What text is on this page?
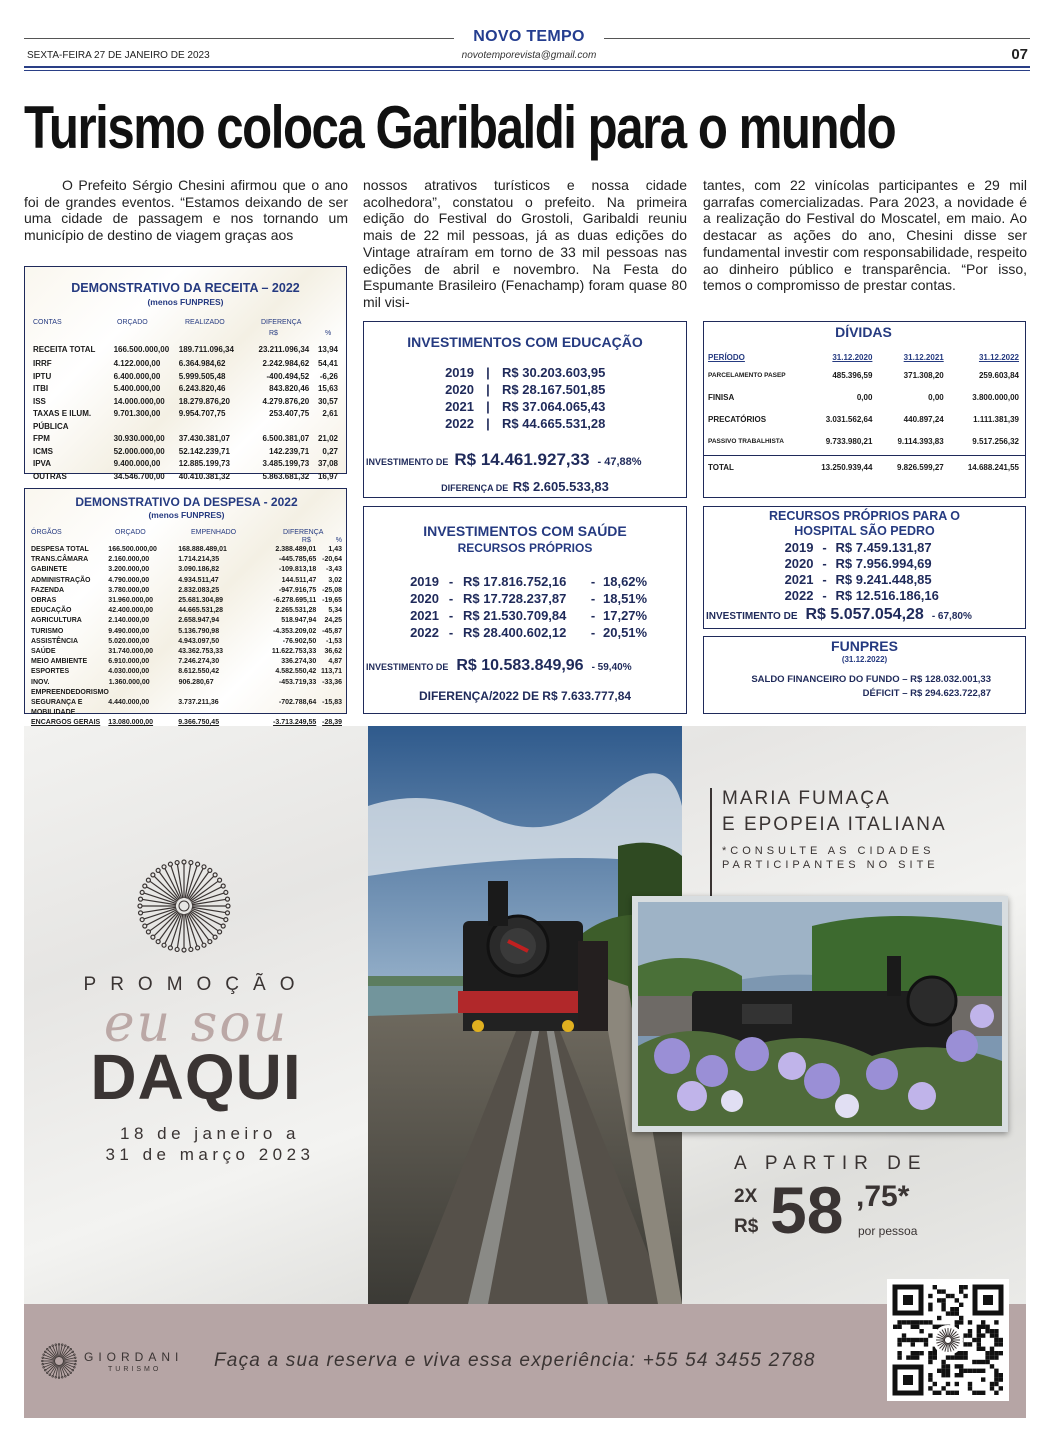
NOVO TEMPO
SEXTA-FEIRA 27 DE JANEIRO DE 2023	novotemporevista@gmail.com	07
Turismo coloca Garibaldi para o mundo
O Prefeito Sérgio Chesini afirmou que o ano foi de grandes eventos. “Estamos deixando de ser uma cidade de passagem e nos tornando um município de destino de viagem graças aos
nossos atrativos turísticos e nossa cidade acolhedora”, constatou o prefeito. Na primeira edição do Festival do Grostoli, Garibaldi reuniu mais de 22 mil pessoas, já as duas edições do Vintage atraíram em torno de 33 mil pessoas nas edições de abril e novembro. Na Festa do Espumante Brasileiro (Fenachamp) foram quase 80 mil visi-
tantes, com 22 vinícolas participantes e 29 mil garrafas comercializadas. Para 2023, a novidade é a realização do Festival do Moscatel, em maio. Ao destacar as ações do ano, Chesini disse ser fundamental investir com responsabilidade, respeito ao dinheiro público e transparência. “Por isso, temos o compromisso de prestar contas.
DEMONSTRATIVO DA RECEITA – 2022
(menos FUNPRES)
CONTAS	ORÇADO	REALIZADO	DIFERENÇA
R$	%
RECEITA TOTAL	166.500.000,00	189.711.096,34	23.211.096,34	13,94
IRRF	4.122.000,00	6.364.984,62	2.242.984,62	54,41
IPTU	6.400.000,00	5.999.505,48	-400.494,52	-6,26
ITBI	5.400.000,00	6.243.820,46	843.820,46	15,63
ISS	14.000.000,00	18.279.876,20	4.279.876,20	30,57
TAXAS E ILUM. PÚBLICA
9.701.300,00	9.954.707,75	253.407,75	2,61
FPM	30.930.000,00	37.430.381,07	6.500.381,07	21,02
ICMS	52.000.000,00	52.142.239,71	142.239,71	0,27
IPVA	9.400.000,00	12.885.199,73	3.485.199,73	37,08
OUTRAS	34.546.700,00	40.410.381,32	5.863.681,32	16,97
DEMONSTRATIVO DA DESPESA - 2022
(menos FUNPRES)
ÓRGÃOS	ORÇADO	EMPENHADO	DIFERENÇA
R$	%
DESPESA TOTAL	166.500.000,00	168.888.489,01	2.388.489,01	1,43
TRANS.CÂMARA	2.160.000,00	1.714.214,35	-445.785,65 -20,64
GABINETE	3.200.000,00	3.090.186,82	-109.813,18	-3,43
ADMINISTRAÇÃO	4.790.000,00	4.934.511,47	144.511,47	3,02
FAZENDA	3.780.000,00	2.832.083,25	-947.916,75 -25,08
OBRAS	31.960.000,00	25.681.304,89	-6.278.695,11 -19,65
EDUCAÇÃO	42.400.000,00	44.665.531,28	2.265.531,28	5,34
AGRICULTURA	2.140.000,00	2.658.947,94	518.947,94	24,25
TURISMO	9.490.000,00	5.136.790,98	-4.353.209,02 -45,87
ASSISTÊNCIA	5.020.000,00	4.943.097,50	-76.902,50	-1,53
SAÚDE	31.740.000,00	43.362.753,33	11.622.753,33	36,62
MEIO AMBIENTE	6.910.000,00	7.246.274,30	336.274,30	4,87
ESPORTES	4.030.000,00	8.612.550,42	4.582.550,42 113,71
INOV. EMPREENDEDORISMO
1.360.000,00	906.280,67	-453.719,33 -33,36
SEGURANÇA E MOBILIDADE
4.440.000,00	3.737.211,36	-702.788,64 -15,83
ENCARGOS GERAIS	13.080.000,00	9.366.750,45	-3.713.249,55 -28,39
INVESTIMENTOS COM EDUCAÇÃO
2019 | R$ 30.203.603,95
2020 | R$ 28.167.501,85
2021 | R$ 37.064.065,43
2022 | R$ 44.665.531,28
INVESTIMENTO DE R$ 14.461.927,33 - 47,88%
DIFERENÇA DE R$ 2.605.533,83
INVESTIMENTOS COM SAÚDE
RECURSOS PRÓPRIOS
2019 - R$ 17.816.752,16	- 18,62%
2020 - R$ 17.728.237,87	- 18,51%
2021 - R$ 21.530.709,84	- 17,27%
2022 - R$ 28.400.602,12	- 20,51%
INVESTIMENTO DE R$ 10.583.849,96 - 59,40%
DIFERENÇA/2022 DE R$ 7.633.777,84
DÍVIDAS
PERÍODO	31.12.2020	31.12.2021	31.12.2022
PARCELAMENTO PASEP	485.396,59	371.308,20	259.603,84
FINISA	0,00	0,00	3.800.000,00
PRECATÓRIOS	3.031.562,64	440.897,24	1.111.381,39
PASSIVO TRABALHISTA	9.733.980,21	9.114.393,83	9.517.256,32
TOTAL	13.250.939,44	9.826.599,27	14.688.241,55
RECURSOS PRÓPRIOS PARA O
HOSPITAL SÃO PEDRO
2019 - R$ 7.459.131,87
2020 - R$ 7.956.994,69
2021 - R$ 9.241.448,85
2022 - R$ 12.516.186,16
INVESTIMENTO DE R$ 5.057.054,28 - 67,80%
FUNPRES
(31.12.2022)
SALDO FINANCEIRO DO FUNDO – R$ 128.032.001,33
DÉFICIT – R$ 294.623.722,87
PROMOÇÃO
eu sou
DAQUI
18 de janeiro a
31 de março 2023
MARIA FUMAÇA
E EPOPEIA ITALIANA
*CONSULTE AS CIDADES
PARTICIPANTES NO SITE
A PARTIR DE
2X
R$ 58 ,75*
por pessoa
GIORDANI
TURISMO	Faça a sua reserva e viva essa experiência: +55 54 3455 2788
